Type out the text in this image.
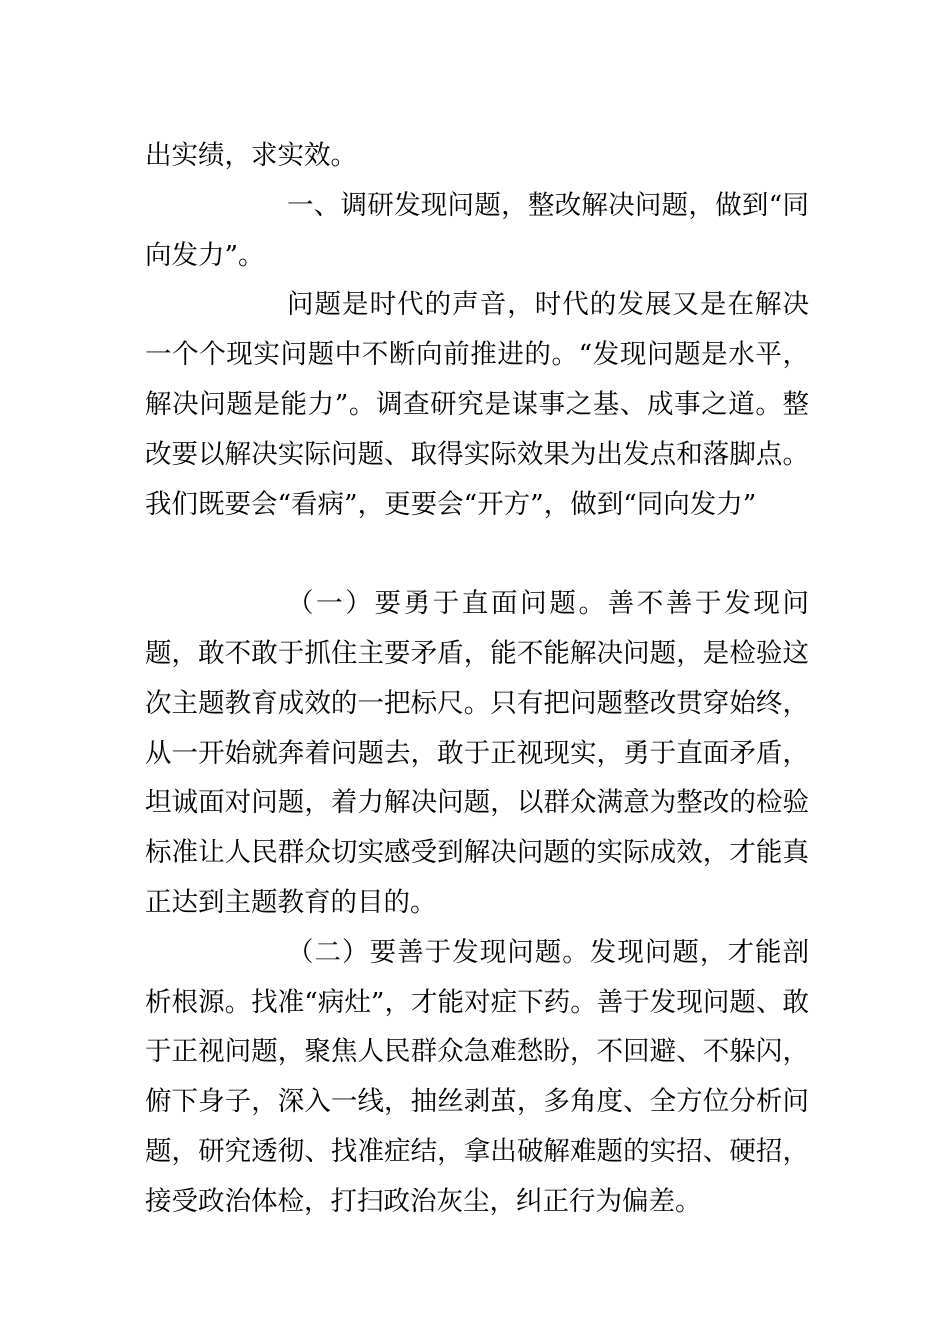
出实绩，求实效。

一、调研发现问题，整改解决问题，做到“同向发力”。

问题是时代的声音，时代的发展又是在解决一个个现实问题中不断向前推进的。“发现问题是水平，解决问题是能力”。调查研究是谋事之基、成事之道。整改要以解决实际问题、取得实际效果为出发点和落脚点。我们既要会“看病”，更要会“开方”，做到“同向发力”

（一）要勇于直面问题。善不善于发现问题，敢不敢于抓住主要矛盾，能不能解决问题，是检验这次主题教育成效的一把标尺。只有把问题整改贯穿始终，从一开始就奔着问题去，敢于正视现实，勇于直面矛盾，坦诚面对问题，着力解决问题，以群众满意为整改的检验标准让人民群众切实感受到解决问题的实际成效，才能真正达到主题教育的目的。

（二）要善于发现问题。发现问题，才能剖析根源。找准“病灶”，才能对症下药。善于发现问题、敢于正视问题，聚焦人民群众急难愁盼，不回避、不躲闪，俯下身子，深入一线，抽丝剥茧，多角度、全方位分析问题，研究透彻、找准症结，拿出破解难题的实招、硬招，接受政治体检，打扫政治灰尘，纠正行为偏差。
